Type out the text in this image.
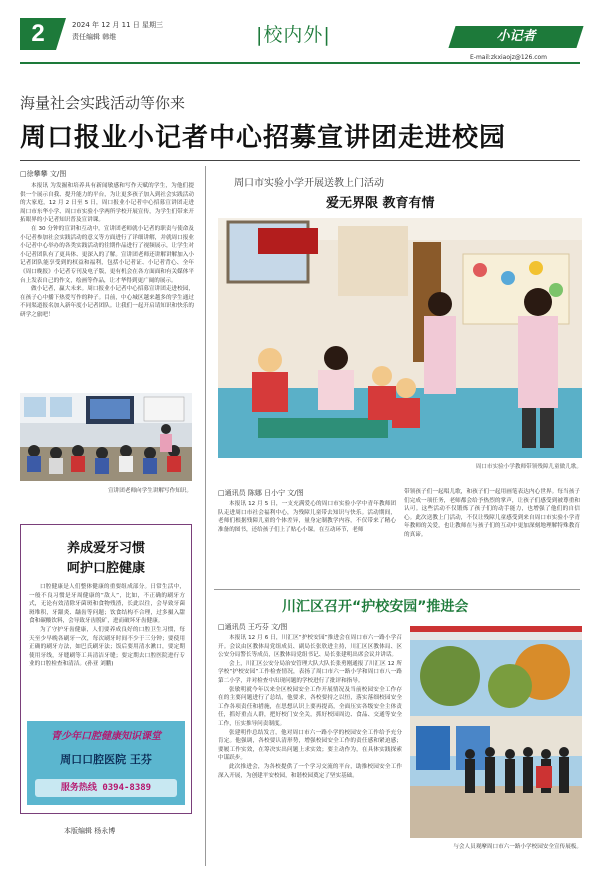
2	2024 年 12 月 11 日 星期三
责任编辑 韩维	|校内外|	小记者
E-mail:zkxiaojz@126.com
海量社会实践活动等你来
周口报业小记者中心招募宣讲团走进校园
□徐攀攀 文/图

本报讯 为发掘和培养具有新闻敏感和写作天赋的学生，为他们提供一个展示自我、提升能力的平台，为让更多孩子加入到社会实践活动的大家庭，12 月 2 日至 5 日，周口报业小记者中心招募宣讲团走进周口市东华小学、周口市实验小学两所学校开展宣传，为学生们带来开拓眼界的小记者知识普及宣讲课。

在 30 分钟的宣讲和互动中，宣讲团老师就小记者的职责与使命及小记者参加社会实践活动的意义等方面进行了详细讲解，并就周口报业小记者中心举办的各类实践活动的往期作品进行了视频展示，让学生对小记者团队有了更具体、更深入的了解。宣讲团老师还讲解讲解加入小记者团队能享受到的权益和福利，包括小记者证、小记者背心、全年《周口晚报》小记者专刊及电子版，更有机会在各方面面和有关媒体平台上发表自己的作文，绘画等作品，让才华得到更广阔的展示。

做小记者，赢大未来。周口报业小记者中心招募宣讲团走进校园，在孩子心中播下热爱写作的种子。目前，中心城区越来越多的学生通过不同渠道报名加入新年度小记者团队。让我们一起开启请知识和快乐的研学之旅吧！

宣讲团老师向学生讲解写作知识。
养成爱牙习惯
呵护口腔健康

口腔健康是人们整体健康的重要组成部分。日常生活中，一般不良习惯是牙周健康的“敌人”，比如，不正确的刷牙方式，无论有效清除牙菌斑和食物残渣，长此以往，会导致牙菌斑堆积，牙龈炎、龋齿等问题；饮食结构不合理，过多摄入甜食和碳酸饮料，会导致牙齿脱矿，进而破坏牙齿健康。

为了守护牙齿健康，人们要养成良好的口腔卫生习惯，每天至少早晚各刷牙一次，每次刷牙时间不少于三分钟；要使用正确的刷牙方法，如巴氏刷牙法；饭后要用清水漱口，要定期使用牙线，牙缝刷等工具清洁牙缝；要定期去口腔医院进行专业的口腔检查和清洁。(孙亚 刘鹏)

青少年口腔健康知识课堂
周口口腔医院 王芬
服务热线 0394-8389
本版编辑 杨永博
周口市实验小学开展送教上门活动
爱无界限 教育有情
周口市实验小学教师带领残障儿童做儿歌。
□通讯员 陈娜 日小宁 文/图

本报讯 12 月 5 日，一支充满爱心的周口市实验小学中青年教师团队走进周口市社会福利中心，为残障儿童带去知识与快乐。活动期间，老师们根据残障儿童的个体差异，量身定制教学内容，不仅带来了精心准备的图书，还给孩子们上了贴心小课。在互动环节，老师

带领孩子们一起唱儿歌，和孩子们一起用画笔表达内心世界。每当孩子们完成一项任务，老师都会给予热烈的掌声，让孩子们感受到被尊重和认可。这些活动不仅锻炼了孩子们的动手能力，也增强了他们的自信心。此次送教上门活动，不仅让残障儿童感受到来自周口市实验小学青年教师的关爱，也让教师在与孩子们的互动中更加深刻地理解特殊教育的真谛。

川汇区召开“护校安园”推进会
□通讯员 王巧芬 文/图

本报讯 12 月 6 日，川汇区“护校安园”推进会在周口市六一路小学召开。会议由区教体局党组成员、副局长张欣进主持，川汇区区教体局、区公安分局警长等成员，区教体局党组书记、局长张建明出席会议并讲话。

会上，川汇区公安分局治安管理大队大队长张勇刚通报了川汇区 12 所学校“护校安园”工作检查情况，表扬了周口市六一路小学和周口市八一路第二小学，并对检查中出现问题的学校进行了批评和指导。

张敏明就今年以来全区校园安全工作开展情况及当前校园安全工作存在的主要问题进行了总结，他要求，各校要持之以恒，落实落细校园安全工作各项责任和措施，在思想认识上要再提高，全面压实各级安全主体责任，抓好重点人群，把好校门安全关，抓好校园周边、食品、交通等安全工作，压实推导问责制度。

张建明作总结发言，他对周口市六一路小学的校园安全工作给予充分肯定。他强调，各校要认清形势，增强校园安全工作的责任感和紧迫感；要履工作实效，在筹决实出问题上求实效；要主动作为，在具体实践探索中谋跃步。

此次推进会，为各校提供了一个学习交流的平台，助推校园安全工作深入开展，为创建平安校园，和谐校园奠定了坚实基础。

与会人员观摩周口市六一路小学校园安全宣传展板。
